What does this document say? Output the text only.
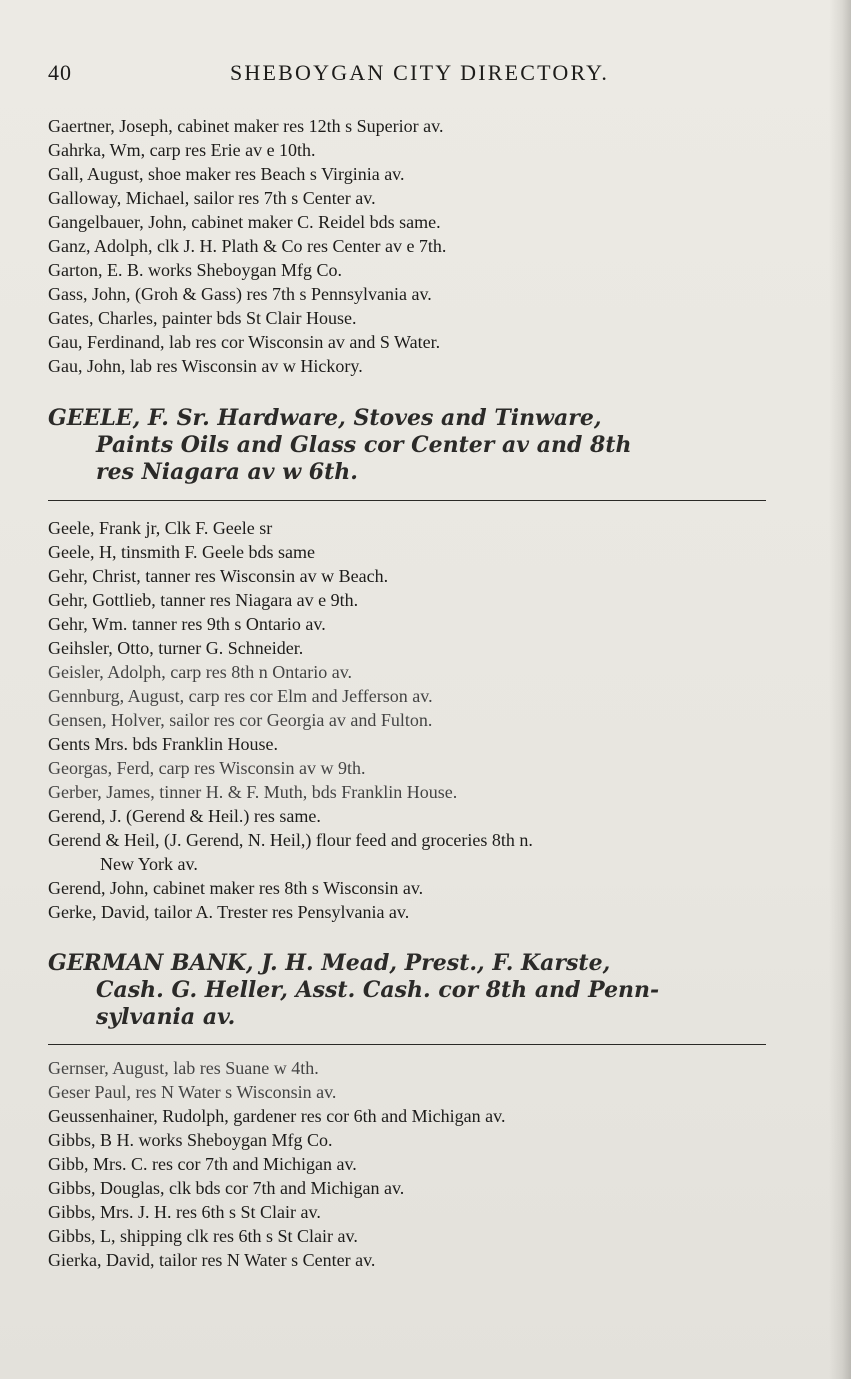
40	SHEBOYGAN CITY DIRECTORY.
Gaertner, Joseph, cabinet maker res 12th s Superior av.
Gahrka, Wm, carp res Erie av e 10th.
Gall, August, shoe maker res Beach s Virginia av.
Galloway, Michael, sailor res 7th s Center av.
Gangelbauer, John, cabinet maker C. Reidel bds same.
Ganz, Adolph, clk J. H. Plath & Co res Center av e 7th.
Garton, E. B. works Sheboygan Mfg Co.
Gass, John, (Groh & Gass) res 7th s Pennsylvania av.
Gates, Charles, painter bds St Clair House.
Gau, Ferdinand, lab res cor Wisconsin av and S Water.
Gau, John, lab res Wisconsin av w Hickory.
GEELE, F. Sr. Hardware, Stoves and Tinware,
Paints Oils and Glass cor Center av and 8th
res Niagara av w 6th.
Geele, Frank jr, Clk F. Geele sr
Geele, H, tinsmith F. Geele bds same
Gehr, Christ, tanner res Wisconsin av w Beach.
Gehr, Gottlieb, tanner res Niagara av e 9th.
Gehr, Wm. tanner res 9th s Ontario av.
Geihsler, Otto, turner G. Schneider.
Geisler, Adolph, carp res 8th n Ontario av.
Gennburg, August, carp res cor Elm and Jefferson av.
Gensen, Holver, sailor res cor Georgia av and Fulton.
Gents Mrs. bds Franklin House.
Georgas, Ferd, carp res Wisconsin av w 9th.
Gerber, James, tinner H. & F. Muth, bds Franklin House.
Gerend, J. (Gerend & Heil.) res same.
Gerend & Heil, (J. Gerend, N. Heil,) flour feed and groceries 8th n.
New York av.
Gerend, John, cabinet maker res 8th s Wisconsin av.
Gerke, David, tailor A. Trester res Pensylvania av.
GERMAN BANK, J. H. Mead, Prest., F. Karste,
Cash. G. Heller, Asst. Cash. cor 8th and Penn-
sylvania av.
Gernser, August, lab res Suane w 4th.
Geser Paul, res N Water s Wisconsin av.
Geussenhainer, Rudolph, gardener res cor 6th and Michigan av.
Gibbs, B H. works Sheboygan Mfg Co.
Gibb, Mrs. C. res cor 7th and Michigan av.
Gibbs, Douglas, clk bds cor 7th and Michigan av.
Gibbs, Mrs. J. H. res 6th s St Clair av.
Gibbs, L, shipping clk res 6th s St Clair av.
Gierka, David, tailor res N Water s Center av.
